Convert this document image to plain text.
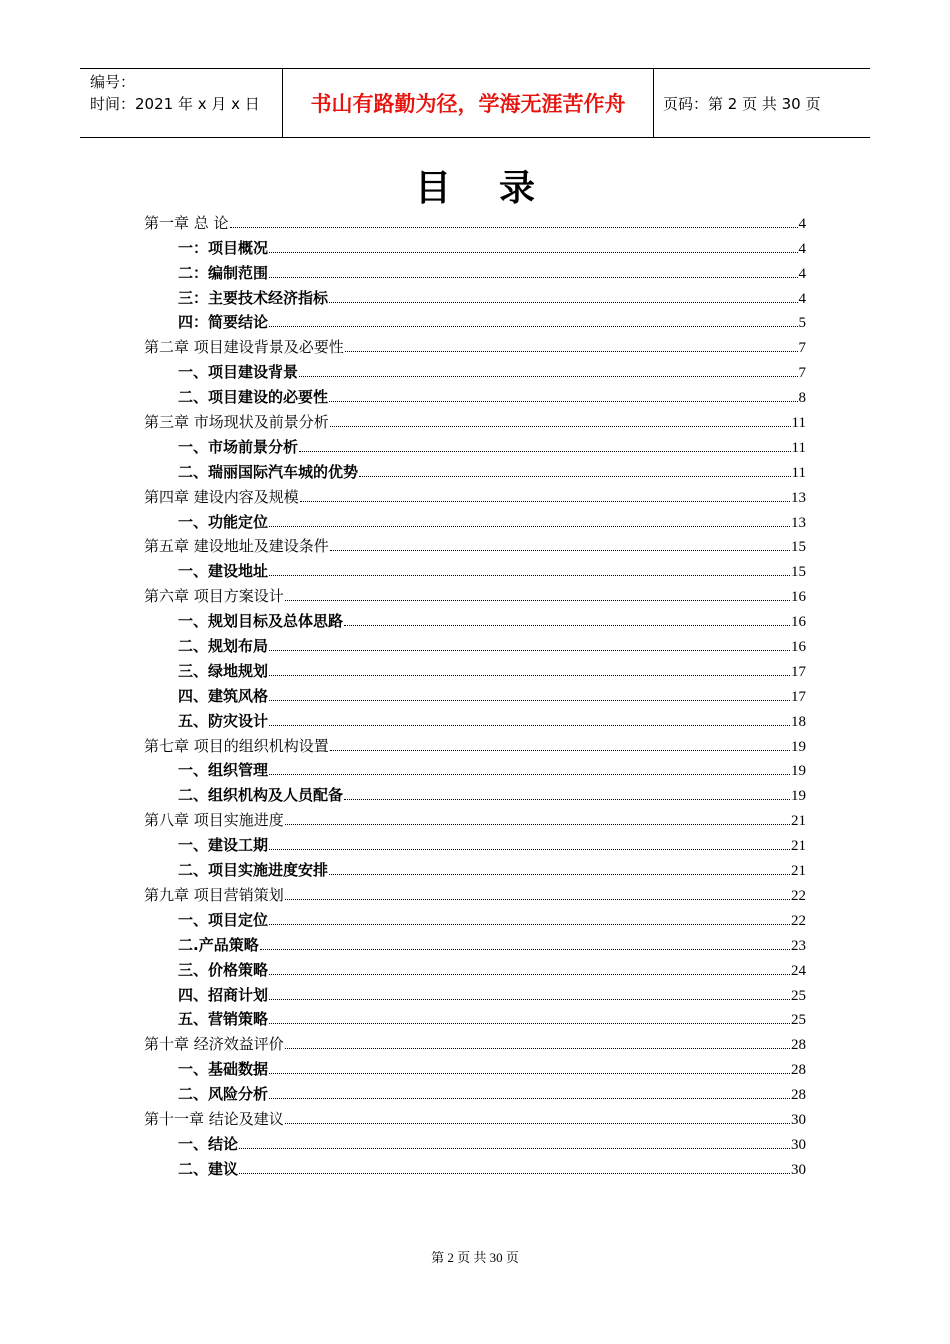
编号：
时间：2021 年 x 月 x 日	书山有路勤为径，学海无涯苦作舟	页码：第 2 页 共 30 页
目录
第一章 总 论	4
一：项目概况	4
二：编制范围	4
三：主要技术经济指标	4
四：简要结论	5
第二章 项目建设背景及必要性	7
一、项目建设背景	7
二、项目建设的必要性	8
第三章 市场现状及前景分析	11
一、市场前景分析	11
二、瑞丽国际汽车城的优势	11
第四章 建设内容及规模	13
一、功能定位	13
第五章 建设地址及建设条件	15
一、建设地址	15
第六章 项目方案设计	16
一、规划目标及总体思路	16
二、规划布局	16
三、绿地规划	17
四、建筑风格	17
五、防灾设计	18
第七章 项目的组织机构设置	19
一、组织管理	19
二、组织机构及人员配备	19
第八章 项目实施进度	21
一、建设工期	21
二、项目实施进度安排	21
第九章 项目营销策划	22
一、项目定位	22
二.产品策略	23
三、价格策略	24
四、招商计划	25
五、营销策略	25
第十章 经济效益评价	28
一、基础数据	28
二、风险分析	28
第十一章 结论及建议	30
一、结论	30
二、建议	30
第 2 页 共 30 页
